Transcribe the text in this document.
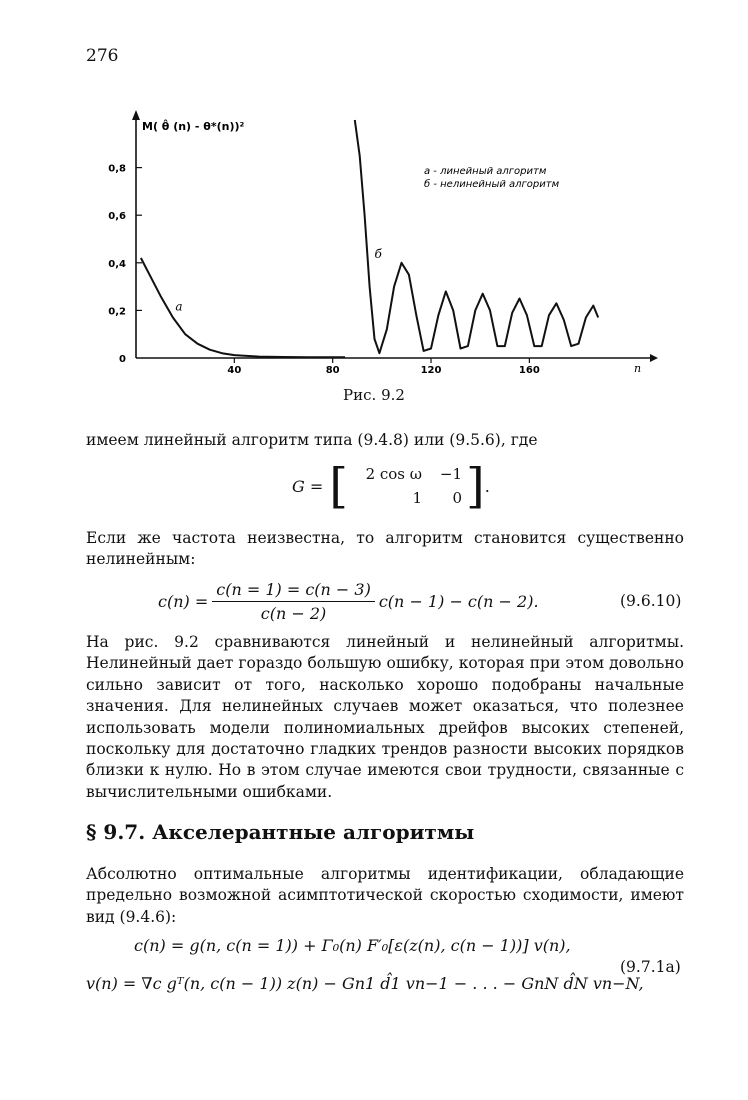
276
0
0,2
0,4
0,6
0,8
40	80	120	160	n
M( θ̂ (n) - θ*(n))²
а
б
а - линейный алгоритм
б - нелинейный алгоритм
Рис. 9.2

имеем линейный алгоритм типа (9.4.8) или (9.5.6), где

G = [	2 cos ω	−1
1	0 ] .

Если же частота неизвестна, то алгоритм становится существенно нелинейным:

$c(n) = \frac{c(n = 1) = c(n - 3)}{c(n - 2)} c(n - 1) - c(n - 2)$.	(9.6.10)

На рис. 9.2 сравниваются линейный и нелинейный алгоритмы. Нелинейный дает гораздо большую ошибку, которая при этом довольно сильно зависит от того, насколько хорошо подобраны начальные значения. Для нелинейных случаев может оказаться, что полезнее использовать модели полиномиальных дрейфов высоких степеней, поскольку для достаточно гладких трендов разности высоких порядков близки к нулю. Но в этом случае имеются свои трудности, связанные с вычислительными ошибками.

§ 9.7. Акселерантные алгоритмы

Абсолютно оптимальные алгоритмы идентификации, обладающие предельно возможной асимптотической скоростью сходимости, имеют вид (9.4.6):

c(n) = g(n, c(n = 1)) + Γ₀(n) F′₀[ε(z(n), c(n − 1))] v(n),
(9.7.1a)
v(n) = ∇c gᵀ(n, c(n − 1)) z(n) − Gn1 d̂1 vn−1 − . . . − GnN d̂N vn−N,
